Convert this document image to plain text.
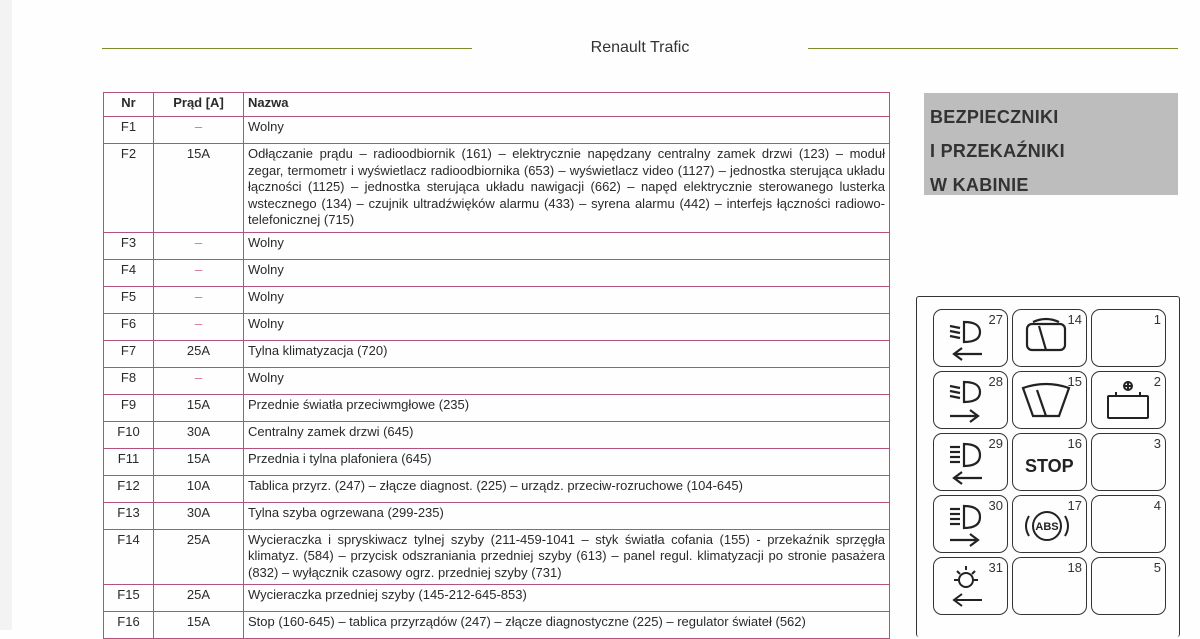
Renault Trafic
Nr	Prąd [A]	Nazwa
F1	–	Wolny
F2	15A	Odłączanie prądu – radioodbiornik (161) – elektrycznie napędzany centralny zamek drzwi (123) – moduł zegar, termometr i wyświetlacz radioodbiornika (653) – wyświetlacz video (1127) – jednostka sterująca układu łączności (1125) – jednostka sterująca układu nawigacji (662) – napęd elektrycznie sterowanego lusterka wstecznego (134) – czujnik ultradźwięków alarmu (433) – syrena alarmu (442) – interfejs łączności radiowo-telefonicznej (715)
F3	–	Wolny
F4	–	Wolny
F5	–	Wolny
F6	–	Wolny
F7	25A	Tylna klimatyzacja (720)
F8	–	Wolny
F9	15A	Przednie światła przeciwmgłowe (235)
F10	30A	Centralny zamek drzwi (645)
F11	15A	Przednia i tylna plafoniera (645)
F12	10A	Tablica przyrz. (247) – złącze diagnost. (225) – urządz. przeciw-rozruchowe (104-645)
F13	30A	Tylna szyba ogrzewana (299-235)
F14	25A	Wycieraczka i spryskiwacz tylnej szyby (211-459-1041 – styk światła cofania (155) - przekaźnik sprzęgła klimatyz. (584) – przycisk odszraniania przedniej szyby (613) – panel regul. klimatyzacji po stronie pasażera (832) – wyłącznik czasowy ogrz. przedniej szyby (731)
F15	25A	Wycieraczka przedniej szyby (145-212-645-853)
F16	15A	Stop (160-645) – tablica przyrządów (247) – złącze diagnostyczne (225) – regulator świateł (562)
BEZPIECZNIKI
I PRZEKAŹNIKI
W KABINIE
27	14	1
28	15	2
29	16
STOP
3
30	17
ABS
4
31	18	5
